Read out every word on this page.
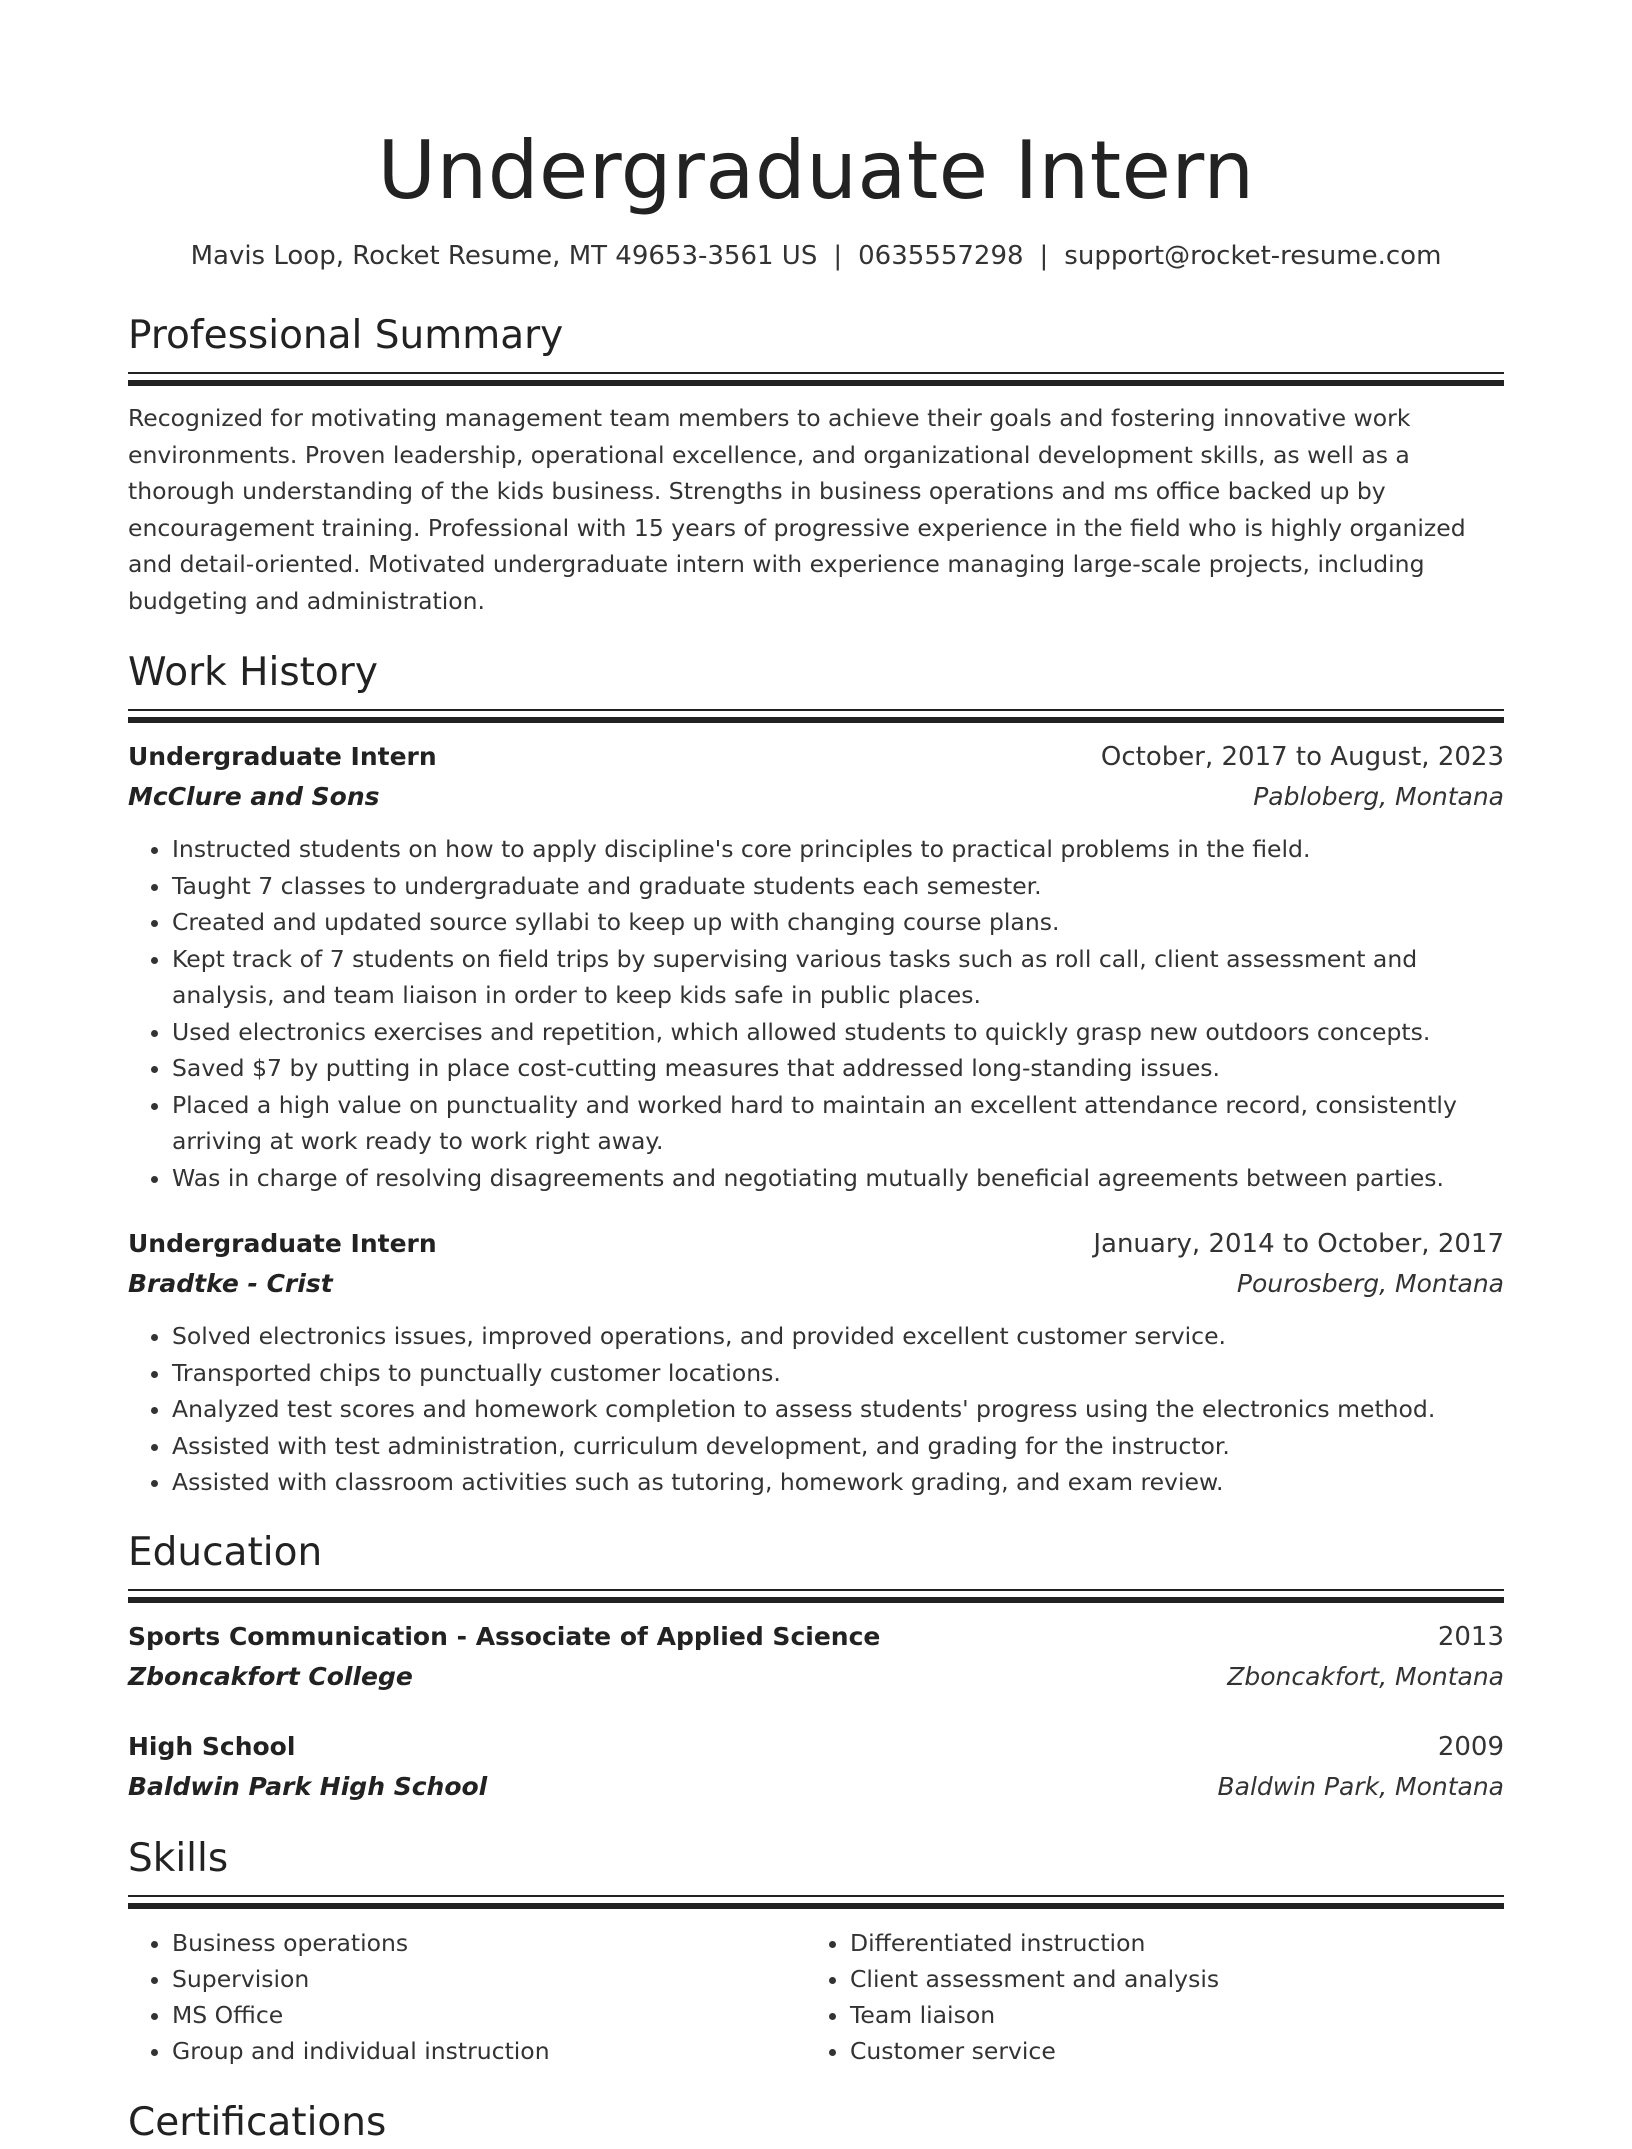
Undergraduate Intern
Mavis Loop, Rocket Resume, MT 49653-3561 US | 0635557298 | support@rocket-resume.com
Professional Summary
Recognized for motivating management team members to achieve their goals and fostering innovative work environments. Proven leadership, operational excellence, and organizational development skills, as well as a thorough understanding of the kids business. Strengths in business operations and ms office backed up by encouragement training. Professional with 15 years of progressive experience in the field who is highly organized and detail-oriented. Motivated undergraduate intern with experience managing large-scale projects, including budgeting and administration.
Work History
Undergraduate Intern	October, 2017 to August, 2023
McClure and Sons	Pabloberg, Montana
• Instructed students on how to apply discipline's core principles to practical problems in the field.
• Taught 7 classes to undergraduate and graduate students each semester.
• Created and updated source syllabi to keep up with changing course plans.
• Kept track of 7 students on field trips by supervising various tasks such as roll call, client assessment and analysis, and team liaison in order to keep kids safe in public places.
• Used electronics exercises and repetition, which allowed students to quickly grasp new outdoors concepts.
• Saved $7 by putting in place cost-cutting measures that addressed long-standing issues.
• Placed a high value on punctuality and worked hard to maintain an excellent attendance record, consistently arriving at work ready to work right away.
• Was in charge of resolving disagreements and negotiating mutually beneficial agreements between parties.
Undergraduate Intern	January, 2014 to October, 2017
Bradtke - Crist	Pourosberg, Montana
• Solved electronics issues, improved operations, and provided excellent customer service.
• Transported chips to punctually customer locations.
• Analyzed test scores and homework completion to assess students' progress using the electronics method.
• Assisted with test administration, curriculum development, and grading for the instructor.
• Assisted with classroom activities such as tutoring, homework grading, and exam review.
Education
Sports Communication - Associate of Applied Science	2013
Zboncakfort College	Zboncakfort, Montana
High School	2009
Baldwin Park High School	Baldwin Park, Montana
Skills
• Business operations
• Supervision
• MS Office
• Group and individual instruction
• Differentiated instruction
• Client assessment and analysis
• Team liaison
• Customer service
Certifications
